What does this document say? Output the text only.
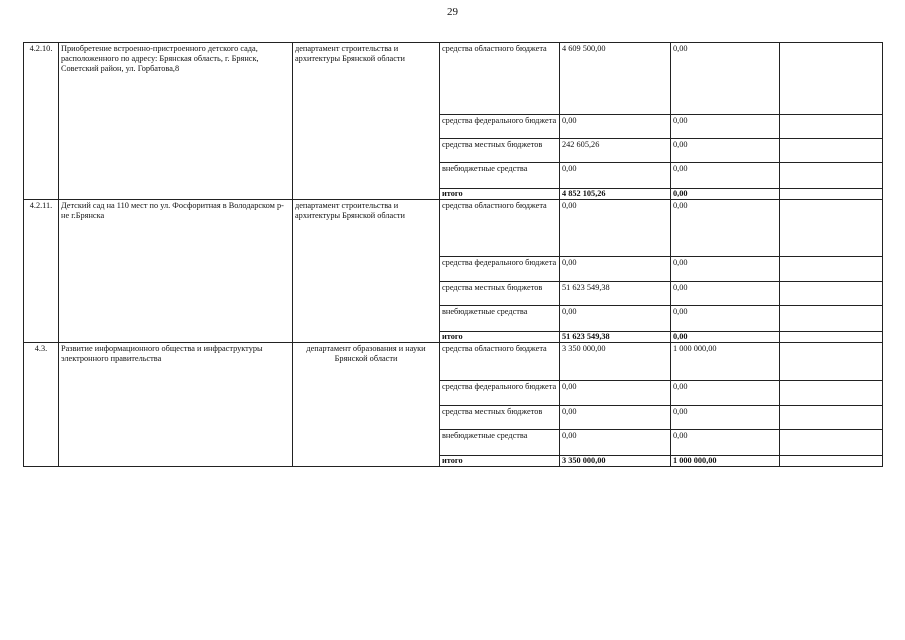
29
4.2.10.	Приобретение встроенно-пристроенного детского сада, расположенного по адресу: Брянская область, г. Брянск, Советский район, ул. Горбатова,8	департамент строительства и архитектуры Брянской области	средства областного бюджета	4 609 500,00	0,00	
			средства федерального бюджета	0,00	0,00	
			средства местных бюджетов	242 605,26	0,00	
			внебюджетные средства	0,00	0,00	
			итого	4 852 105,26	0,00	
4.2.11.	Детский сад на 110 мест по ул. Фосфоритная в Володарском р-не г.Брянска	департамент строительства и архитектуры Брянской области	средства областного бюджета	0,00	0,00	
			средства федерального бюджета	0,00	0,00	
			средства местных бюджетов	51 623 549,38	0,00	
			внебюджетные средства	0,00	0,00	
			итого	51 623 549,38	0,00	
4.3.	Развитие информационного общества и инфраструктуры электронного правительства	департамент образования и науки Брянской области	средства областного бюджета	3 350 000,00	1 000 000,00	
			средства федерального бюджета	0,00	0,00	
			средства местных бюджетов	0,00	0,00	
			внебюджетные средства	0,00	0,00	
			итого	3 350 000,00	1 000 000,00	
